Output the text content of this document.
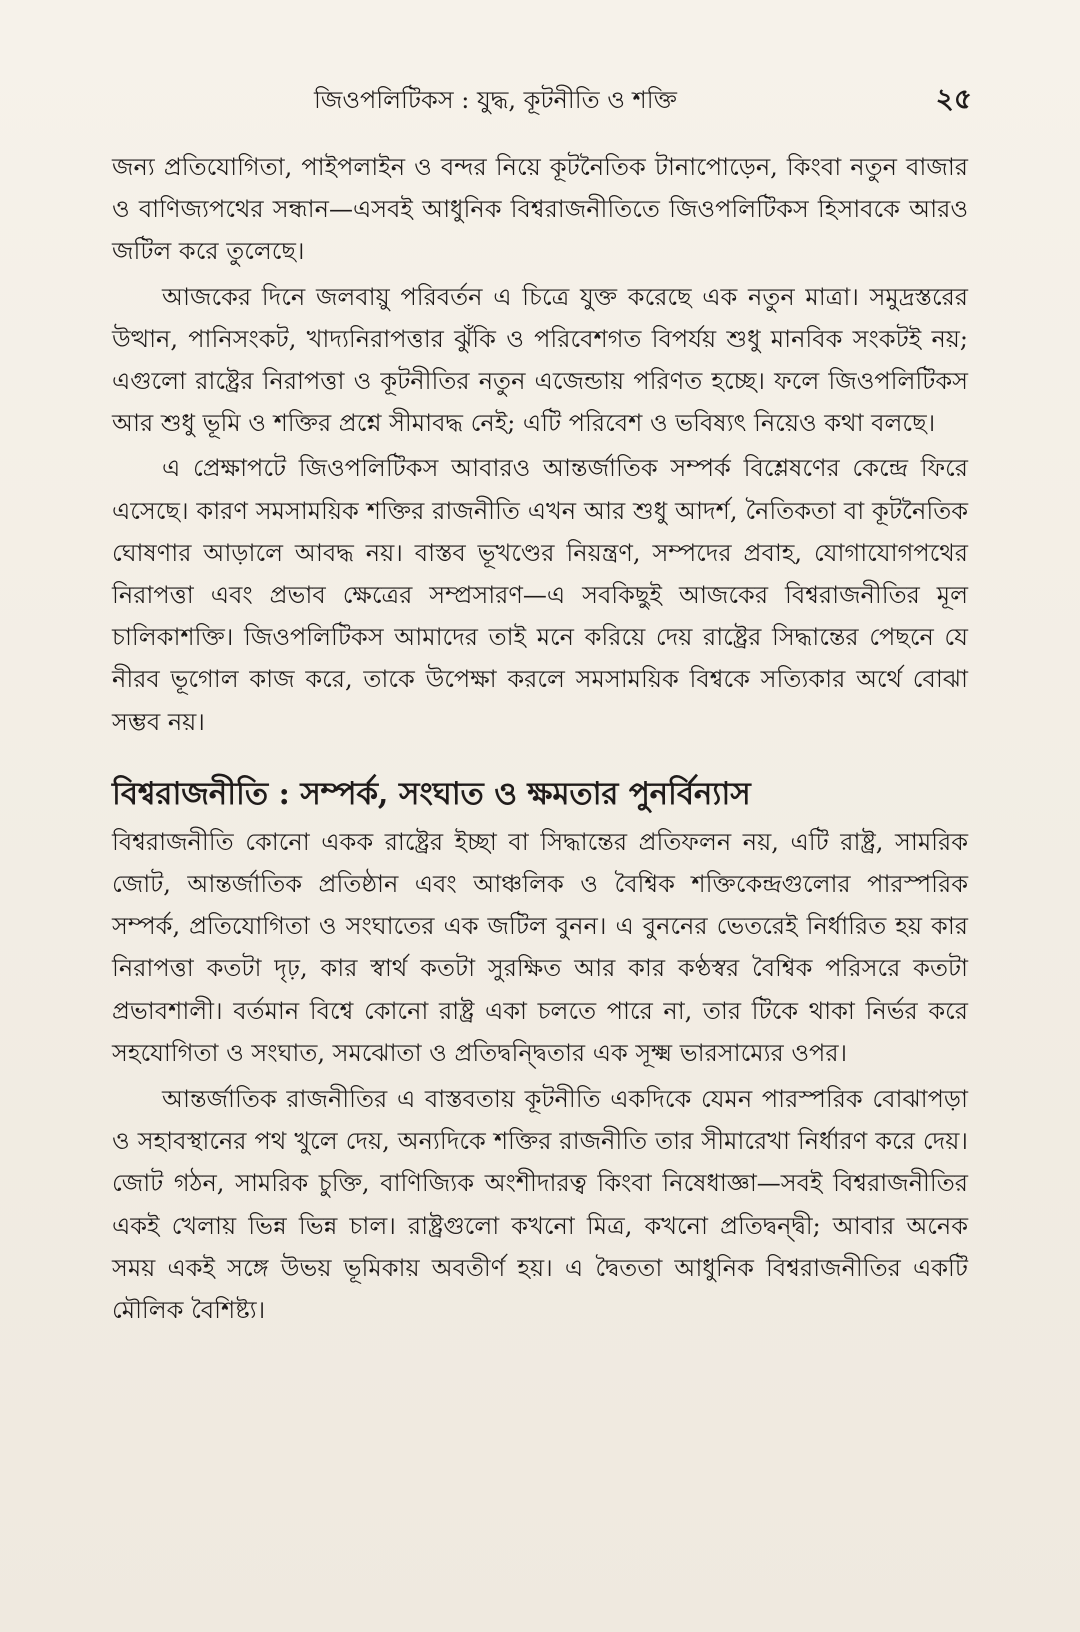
জিওপলিটিকস : যুদ্ধ, কূটনীতি ও শক্তি	২৫

জন্য প্রতিযোগিতা, পাইপলাইন ও বন্দর নিয়ে কূটনৈতিক টানাপোড়েন, কিংবা নতুন বাজার ও বাণিজ্যপথের সন্ধান—এসবই আধুনিক বিশ্বরাজনীতিতে জিওপলিটিকস হিসাবকে আরও জটিল করে তুলেছে।

আজকের দিনে জলবায়ু পরিবর্তন এ চিত্রে যুক্ত করেছে এক নতুন মাত্রা। সমুদ্রস্তরের উত্থান, পানিসংকট, খাদ্যনিরাপত্তার ঝুঁকি ও পরিবেশগত বিপর্যয় শুধু মানবিক সংকটই নয়; এগুলো রাষ্ট্রের নিরাপত্তা ও কূটনীতির নতুন এজেন্ডায় পরিণত হচ্ছে। ফলে জিওপলিটিকস আর শুধু ভূমি ও শক্তির প্রশ্নে সীমাবদ্ধ নেই; এটি পরিবেশ ও ভবিষ্যৎ নিয়েও কথা বলছে।

এ প্রেক্ষাপটে জিওপলিটিকস আবারও আন্তর্জাতিক সম্পর্ক বিশ্লেষণের কেন্দ্রে ফিরে এসেছে। কারণ সমসাময়িক শক্তির রাজনীতি এখন আর শুধু আদর্শ, নৈতিকতা বা কূটনৈতিক ঘোষণার আড়ালে আবদ্ধ নয়। বাস্তব ভূখণ্ডের নিয়ন্ত্রণ, সম্পদের প্রবাহ, যোগাযোগপথের নিরাপত্তা এবং প্রভাব ক্ষেত্রের সম্প্রসারণ—এ সবকিছুই আজকের বিশ্বরাজনীতির মূল চালিকাশক্তি। জিওপলিটিকস আমাদের তাই মনে করিয়ে দেয় রাষ্ট্রের সিদ্ধান্তের পেছনে যে নীরব ভূগোল কাজ করে, তাকে উপেক্ষা করলে সমসাময়িক বিশ্বকে সত্যিকার অর্থে বোঝা সম্ভব নয়।

বিশ্বরাজনীতি : সম্পর্ক, সংঘাত ও ক্ষমতার পুনর্বিন্যাস

বিশ্বরাজনীতি কোনো একক রাষ্ট্রের ইচ্ছা বা সিদ্ধান্তের প্রতিফলন নয়, এটি রাষ্ট্র, সামরিক জোট, আন্তর্জাতিক প্রতিষ্ঠান এবং আঞ্চলিক ও বৈশ্বিক শক্তিকেন্দ্রগুলোর পারস্পরিক সম্পর্ক, প্রতিযোগিতা ও সংঘাতের এক জটিল বুনন। এ বুননের ভেতরেই নির্ধারিত হয় কার নিরাপত্তা কতটা দৃঢ়, কার স্বার্থ কতটা সুরক্ষিত আর কার কণ্ঠস্বর বৈশ্বিক পরিসরে কতটা প্রভাবশালী। বর্তমান বিশ্বে কোনো রাষ্ট্র একা চলতে পারে না, তার টিকে থাকা নির্ভর করে সহযোগিতা ও সংঘাত, সমঝোতা ও প্রতিদ্বন্দ্বিতার এক সূক্ষ্ম ভারসাম্যের ওপর।

আন্তর্জাতিক রাজনীতির এ বাস্তবতায় কূটনীতি একদিকে যেমন পারস্পরিক বোঝাপড়া ও সহাবস্থানের পথ খুলে দেয়, অন্যদিকে শক্তির রাজনীতি তার সীমারেখা নির্ধারণ করে দেয়। জোট গঠন, সামরিক চুক্তি, বাণিজ্যিক অংশীদারত্ব কিংবা নিষেধাজ্ঞা—সবই বিশ্বরাজনীতির একই খেলায় ভিন্ন ভিন্ন চাল। রাষ্ট্রগুলো কখনো মিত্র, কখনো প্রতিদ্বন্দ্বী; আবার অনেক সময় একই সঙ্গে উভয় ভূমিকায় অবতীর্ণ হয়। এ দ্বৈততা আধুনিক বিশ্বরাজনীতির একটি মৌলিক বৈশিষ্ট্য।
